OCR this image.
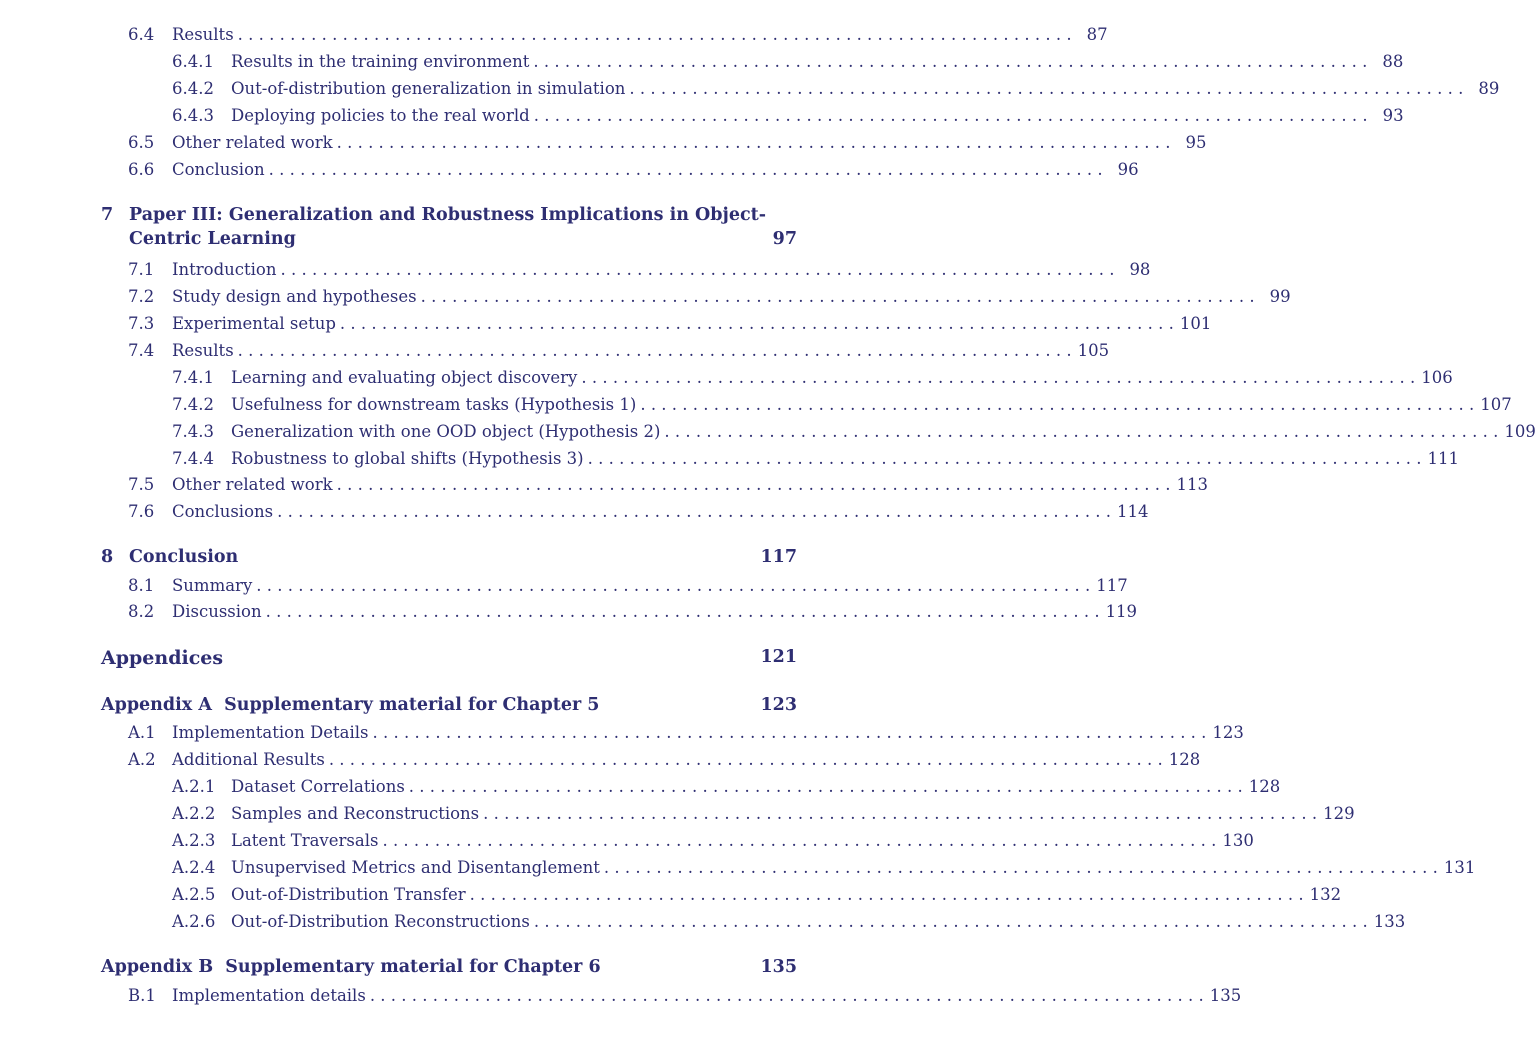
6.4	Results . . . . . . . . . . . . . . . . . . . . . . . . . . . . . . . . . . . . . . . . . . . . . . . . . . . . . . . . . . . . . . . . . . . . . . . . . . . . . . . . 87
6.4.1	Results in the training environment . . . . . . . . . . . . . . . . . . . . . . . . . . . . . . . . . . . . . . . . . . . . . . . . . . . . . . . . . . . . . . . . . . . . . . . . . . . . . . . . 88
6.4.2	Out-of-distribution generalization in simulation . . . . . . . . . . . . . . . . . . . . . . . . . . . . . . . . . . . . . . . . . . . . . . . . . . . . . . . . . . . . . . . . . . . . . . . . . . . . . . . . 89
6.4.3	Deploying policies to the real world . . . . . . . . . . . . . . . . . . . . . . . . . . . . . . . . . . . . . . . . . . . . . . . . . . . . . . . . . . . . . . . . . . . . . . . . . . . . . . . . 93
6.5	Other related work . . . . . . . . . . . . . . . . . . . . . . . . . . . . . . . . . . . . . . . . . . . . . . . . . . . . . . . . . . . . . . . . . . . . . . . . . . . . . . . . 95
6.6	Conclusion . . . . . . . . . . . . . . . . . . . . . . . . . . . . . . . . . . . . . . . . . . . . . . . . . . . . . . . . . . . . . . . . . . . . . . . . . . . . . . . . 96
7 Paper III: Generalization and Robustness Implications in Object-
Centric Learning	97
7.1	Introduction . . . . . . . . . . . . . . . . . . . . . . . . . . . . . . . . . . . . . . . . . . . . . . . . . . . . . . . . . . . . . . . . . . . . . . . . . . . . . . . . 98
7.2	Study design and hypotheses . . . . . . . . . . . . . . . . . . . . . . . . . . . . . . . . . . . . . . . . . . . . . . . . . . . . . . . . . . . . . . . . . . . . . . . . . . . . . . . . 99
7.3	Experimental setup . . . . . . . . . . . . . . . . . . . . . . . . . . . . . . . . . . . . . . . . . . . . . . . . . . . . . . . . . . . . . . . . . . . . . . . . . . . . . . . . 101
7.4	Results . . . . . . . . . . . . . . . . . . . . . . . . . . . . . . . . . . . . . . . . . . . . . . . . . . . . . . . . . . . . . . . . . . . . . . . . . . . . . . . . 105
7.4.1	Learning and evaluating object discovery . . . . . . . . . . . . . . . . . . . . . . . . . . . . . . . . . . . . . . . . . . . . . . . . . . . . . . . . . . . . . . . . . . . . . . . . . . . . . . . . 106
7.4.2	Usefulness for downstream tasks (Hypothesis 1) . . . . . . . . . . . . . . . . . . . . . . . . . . . . . . . . . . . . . . . . . . . . . . . . . . . . . . . . . . . . . . . . . . . . . . . . . . . . . . . . 107
7.4.3	Generalization with one OOD object (Hypothesis 2) . . . . . . . . . . . . . . . . . . . . . . . . . . . . . . . . . . . . . . . . . . . . . . . . . . . . . . . . . . . . . . . . . . . . . . . . . . . . . . . . 109
7.4.4	Robustness to global shifts (Hypothesis 3) . . . . . . . . . . . . . . . . . . . . . . . . . . . . . . . . . . . . . . . . . . . . . . . . . . . . . . . . . . . . . . . . . . . . . . . . . . . . . . . . 111
7.5	Other related work . . . . . . . . . . . . . . . . . . . . . . . . . . . . . . . . . . . . . . . . . . . . . . . . . . . . . . . . . . . . . . . . . . . . . . . . . . . . . . . . 113
7.6	Conclusions . . . . . . . . . . . . . . . . . . . . . . . . . . . . . . . . . . . . . . . . . . . . . . . . . . . . . . . . . . . . . . . . . . . . . . . . . . . . . . . . 114
8 Conclusion	117
8.1	Summary . . . . . . . . . . . . . . . . . . . . . . . . . . . . . . . . . . . . . . . . . . . . . . . . . . . . . . . . . . . . . . . . . . . . . . . . . . . . . . . . 117
8.2	Discussion . . . . . . . . . . . . . . . . . . . . . . . . . . . . . . . . . . . . . . . . . . . . . . . . . . . . . . . . . . . . . . . . . . . . . . . . . . . . . . . . 119
Appendices	121
Appendix A  Supplementary material for Chapter 5	123
A.1 Implementation Details . . . . . . . . . . . . . . . . . . . . . . . . . . . . . . . . . . . . . . . . . . . . . . . . . . . . . . . . . . . . . . . . . . . . . . . . . . . . . . . . 123
A.2 Additional Results . . . . . . . . . . . . . . . . . . . . . . . . . . . . . . . . . . . . . . . . . . . . . . . . . . . . . . . . . . . . . . . . . . . . . . . . . . . . . . . . 128
A.2.1 Dataset Correlations . . . . . . . . . . . . . . . . . . . . . . . . . . . . . . . . . . . . . . . . . . . . . . . . . . . . . . . . . . . . . . . . . . . . . . . . . . . . . . . . 128
A.2.2 Samples and Reconstructions . . . . . . . . . . . . . . . . . . . . . . . . . . . . . . . . . . . . . . . . . . . . . . . . . . . . . . . . . . . . . . . . . . . . . . . . . . . . . . . . 129
A.2.3 Latent Traversals . . . . . . . . . . . . . . . . . . . . . . . . . . . . . . . . . . . . . . . . . . . . . . . . . . . . . . . . . . . . . . . . . . . . . . . . . . . . . . . . 130
A.2.4 Unsupervised Metrics and Disentanglement . . . . . . . . . . . . . . . . . . . . . . . . . . . . . . . . . . . . . . . . . . . . . . . . . . . . . . . . . . . . . . . . . . . . . . . . . . . . . . . . 131
A.2.5 Out-of-Distribution Transfer . . . . . . . . . . . . . . . . . . . . . . . . . . . . . . . . . . . . . . . . . . . . . . . . . . . . . . . . . . . . . . . . . . . . . . . . . . . . . . . . 132
A.2.6 Out-of-Distribution Reconstructions . . . . . . . . . . . . . . . . . . . . . . . . . . . . . . . . . . . . . . . . . . . . . . . . . . . . . . . . . . . . . . . . . . . . . . . . . . . . . . . . 133
Appendix B  Supplementary material for Chapter 6	135
B.1 Implementation details . . . . . . . . . . . . . . . . . . . . . . . . . . . . . . . . . . . . . . . . . . . . . . . . . . . . . . . . . . . . . . . . . . . . . . . . . . . . . . . . 135
